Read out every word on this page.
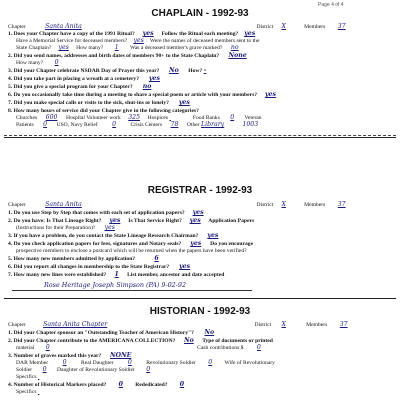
Page 4 of 4
CHAPLAIN - 1992-93
Chapter	Santa Anita	District X	Members 37
1. Does your Chapter have a copy of the 1991 Ritual? yes Follow the Ritual each meeting? yes
Have a Memorial Service for deceased members? yes Were the names of deceased members sent to the
State Chaplain? yes How many? 1 Was a deceased member's grave marked? no
2. Did you send names, addresses and birth dates of members 90+ to the State Chaplain? None
How many? 0
3. Did your Chapter celebrate NSDAR Day of Prayer this year? No How? -
4. Did you take part in placing a wreath at a cemetery? yes
5. Did you give a special program for your Chapter? no
6. Do you occasionally take time during a meeting to share a special poem or article with your members? yes
7. Did you make special calls or visits to the sick, shut-ins or lonely? yes
8. How many hours of service did your Chapter give in the following categories?
Churches 600 Hospital Volunteer work 325 Hospices	Food Banks 0 Veteran
Patients 0 USO, Navy Relief 0	Crisis Centers 78 Other Library	1003
REGISTRAR - 1992-93
Chapter	Santa Anita	District X	Members 37
1. Do you use Step by Step that comes with each set of application papers? yes
2. Do you have: Is That Lineage Right? yes Is That Service Right? yes Application Papers
(Instructions for their Preparation)? yes
3. If you have a problem, do you contact the State Lineage Research Chairman? yes
4. Do you check application papers for fees, signatures and Notary seals? yes Do you encourage
prospective members to enclose a postcard which will be returned when the papers have been verified?
5. How many new members admitted by application?	6
6. Did you report all changes in membership to the State Registrar? yes
7. How many new lines were established? 1 List member, ancestor and date accepted
Rose Heritage Joseph Simpson (PA) 9-02-92
HISTORIAN - 1992-93
Chapter	Santa Anita Chapter	District X	Members 37
1. Did your Chapter sponsor an "Outstanding Teacher of American History"? No
2. Did your Chapter contribute to the AMERICANA COLLECTION? No Type of documents or printed
material 0	Cash contributions $ 0
3. Number of graves marked this year? NONE
DAR Member 0	Real Daughter 0	Revolutionary Soldier 0 Wife of Revolutionary
Soldier 0 Daughter of Revolutionary Soldier 0
Specifics
4. Number of Historical Markers placed? 0 Rededicated? 0
Specifics
